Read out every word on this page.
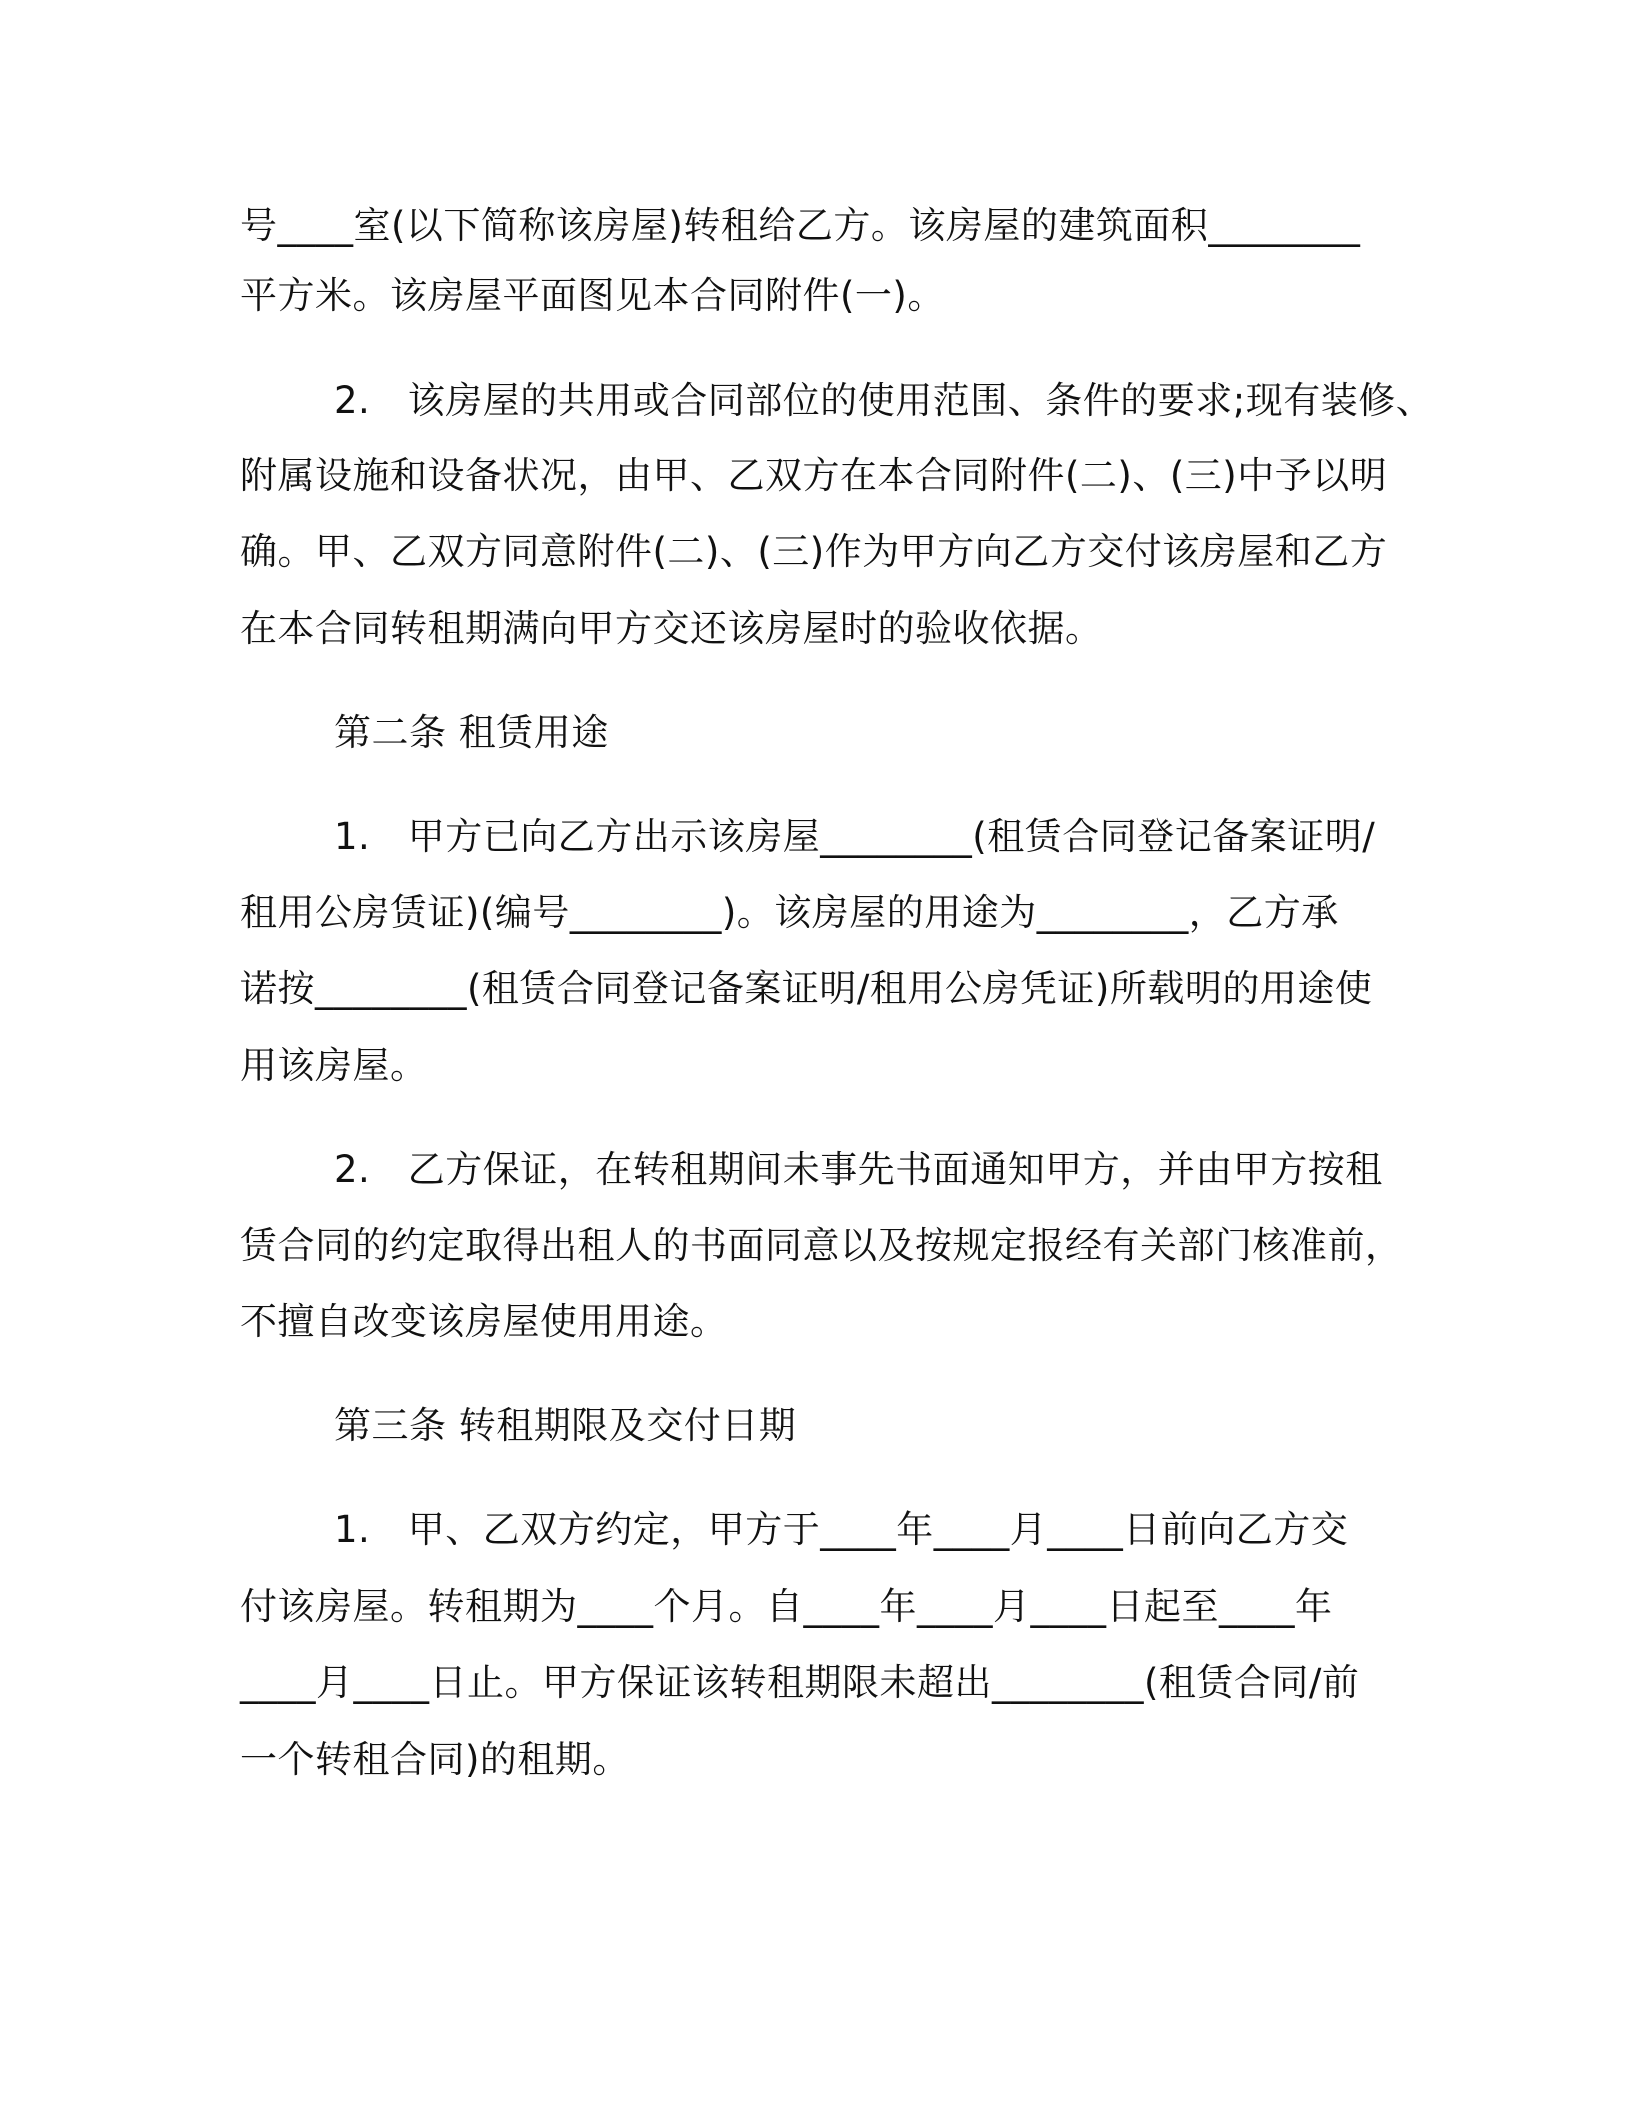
号____室(以下简称该房屋)转租给乙方。该房屋的建筑面积________
平方米。该房屋平面图见本合同附件(一)。
2.　该房屋的共用或合同部位的使用范围、条件的要求;现有装修、
附属设施和设备状况，由甲、乙双方在本合同附件(二)、(三)中予以明
确。甲、乙双方同意附件(二)、(三)作为甲方向乙方交付该房屋和乙方
在本合同转租期满向甲方交还该房屋时的验收依据。
第二条 租赁用途
1.　甲方已向乙方出示该房屋________(租赁合同登记备案证明/
租用公房赁证)(编号________)。该房屋的用途为________，乙方承
诺按________(租赁合同登记备案证明/租用公房凭证)所载明的用途使
用该房屋。
2.　乙方保证，在转租期间未事先书面通知甲方，并由甲方按租
赁合同的约定取得出租人的书面同意以及按规定报经有关部门核准前，
不擅自改变该房屋使用用途。
第三条 转租期限及交付日期
1.　甲、乙双方约定，甲方于____年____月____日前向乙方交
付该房屋。转租期为____个月。自____年____月____日起至____年
____月____日止。甲方保证该转租期限未超出________(租赁合同/前
一个转租合同)的租期。
